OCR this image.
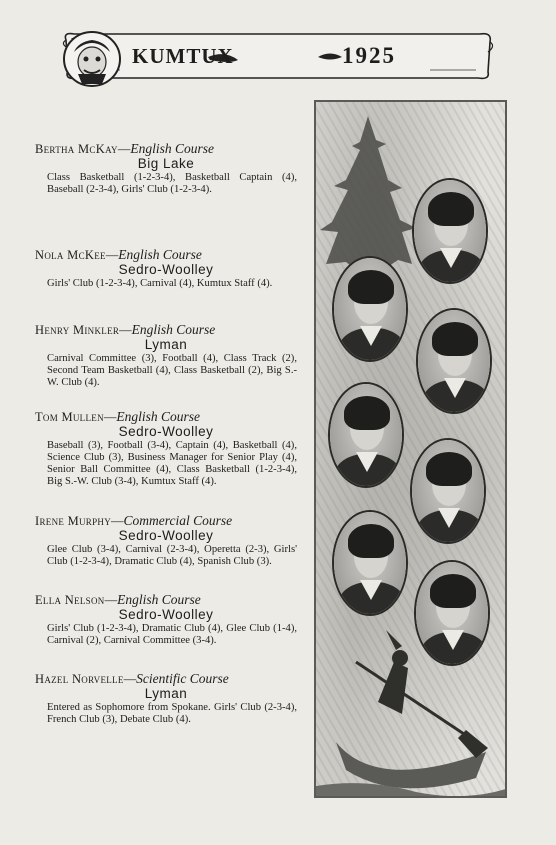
KUMTUX	1925
Bertha McKay—English Course
Big Lake
Class Basketball (1-2-3-4), Basketball Captain (4), Baseball (2-3-4), Girls' Club (1-2-3-4).
Nola McKee—English Course
Sedro-Woolley
Girls' Club (1-2-3-4), Carnival (4), Kumtux Staff (4).
Henry Minkler—English Course
Lyman
Carnival Committee (3), Football (4), Class Track (2), Second Team Basketball (4), Class Basketball (2), Big S.-W. Club (4).
Tom Mullen—English Course
Sedro-Woolley
Baseball (3), Football (3-4), Captain (4), Basketball (4), Science Club (3), Business Manager for Senior Play (4), Senior Ball Committee (4), Class Basketball (1-2-3-4), Big S.-W. Club (3-4), Kumtux Staff (4).
Irene Murphy—Commercial Course
Sedro-Woolley
Glee Club (3-4), Carnival (2-3-4), Operetta (2-3), Girls' Club (1-2-3-4), Dramatic Club (4), Spanish Club (3).
Ella Nelson—English Course
Sedro-Woolley
Girls' Club (1-2-3-4), Dramatic Club (4), Glee Club (1-4), Carnival (2), Carnival Committee (3-4).
Hazel Norvelle—Scientific Course
Lyman
Entered as Sophomore from Spokane. Girls' Club (2-3-4), French Club (3), Debate Club (4).
